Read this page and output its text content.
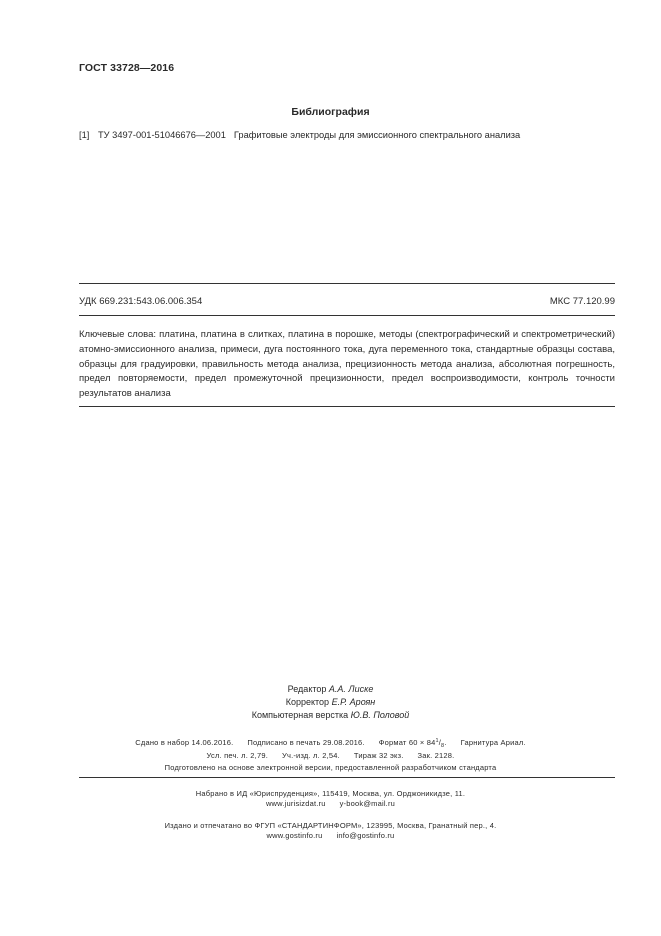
ГОСТ 33728—2016
Библиография
[1] ТУ 3497-001-51046676—2001 Графитовые электроды для эмиссионного спектрального анализа
УДК 669.231:543.06.006.354	МКС 77.120.99
Ключевые слова: платина, платина в слитках, платина в порошке, методы (спектрографический и спектрометрический) атомно-эмиссионного анализа, примеси, дуга постоянного тока, дуга переменного тока, стандартные образцы состава, образцы для градуировки, правильность метода анализа, прецизионность метода анализа, абсолютная погрешность, предел повторяемости, предел промежуточной прецизионности, предел воспроизводимости, контроль точности результатов анализа
Редактор А.А. Лиске
Корректор Е.Р. Ароян
Компьютерная верстка Ю.В. Половой
Сдано в набор 14.06.2016. Подписано в печать 29.08.2016. Формат $60 \times 84^1/_8$. Гарнитура Ариал.
Усл. печ. л. 2,79. Уч.-изд. л. 2,54. Тираж 32 экз. Зак. 2128.
Подготовлено на основе электронной версии, предоставленной разработчиком стандарта
Набрано в ИД «Юриспруденция», 115419, Москва, ул. Орджоникидзе, 11.
www.jurisizdat.ru y-book@mail.ru
Издано и отпечатано во ФГУП «СТАНДАРТИНФОРМ», 123995, Москва, Гранатный пер., 4.
www.gostinfo.ru info@gostinfo.ru
